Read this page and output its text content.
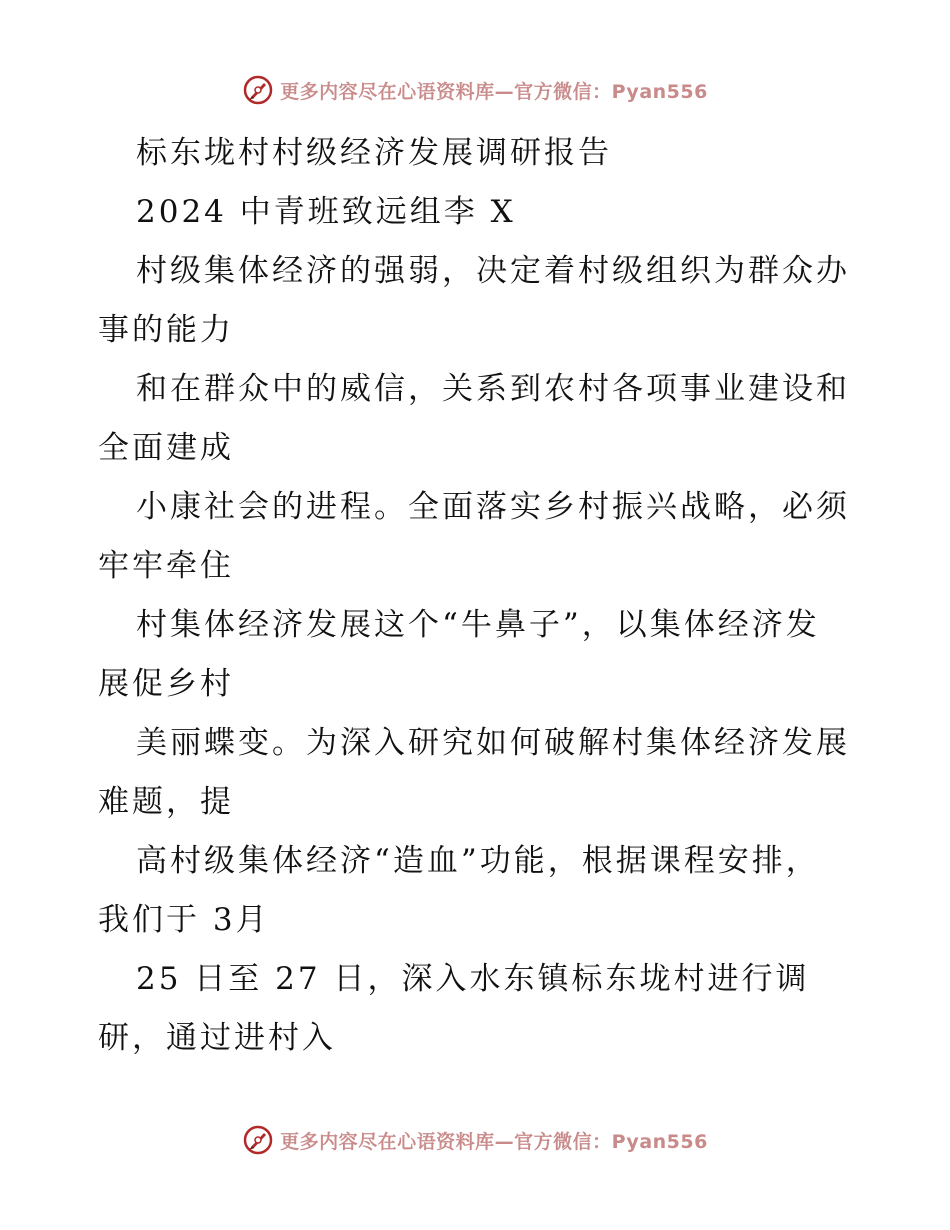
更多内容尽在心语资料库—官方微信：Pyan556
标东垅村村级经济发展调研报告
2024 中青班致远组李 X
村级集体经济的强弱，决定着村级组织为群众办
事的能力
和在群众中的威信，关系到农村各项事业建设和
全面建成
小康社会的进程。全面落实乡村振兴战略，必须
牢牢牵住
村集体经济发展这个“牛鼻子”，以集体经济发
展促乡村
美丽蝶变。为深入研究如何破解村集体经济发展
难题，提
高村级集体经济“造血”功能，根据课程安排，
我们于 3月
25 日至 27 日，深入水东镇标东垅村进行调
研，通过进村入
更多内容尽在心语资料库—官方微信：Pyan556
